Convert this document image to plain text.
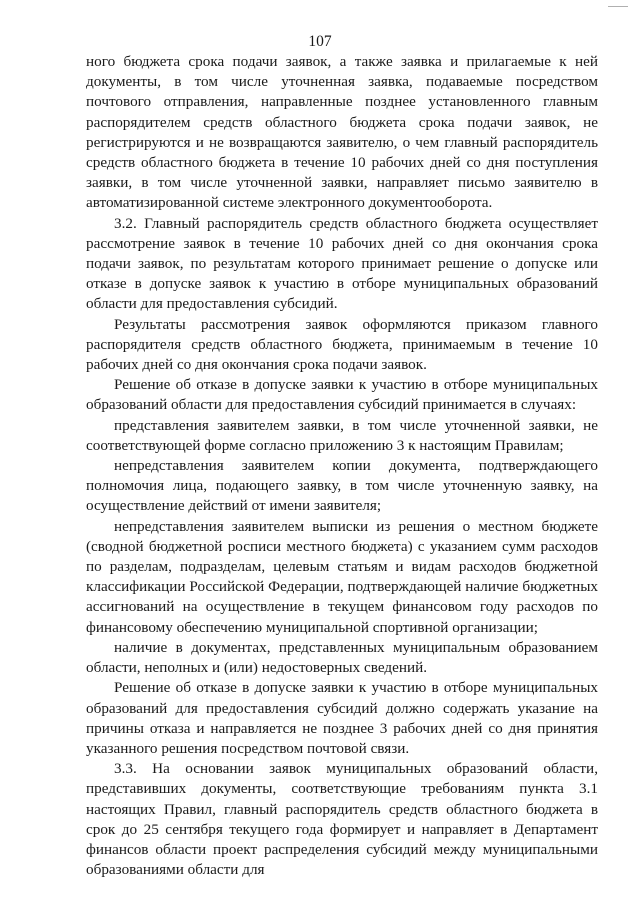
107

ного бюджета срока подачи заявок, а также заявка и прилагаемые к ней документы, в том числе уточненная заявка, подаваемые посредством почтового отправления, направленные позднее установленного главным распорядителем средств областного бюджета срока подачи заявок, не регистрируются и не возвращаются заявителю, о чем главный распорядитель средств областного бюджета в течение 10 рабочих дней со дня поступления заявки, в том числе уточненной заявки, направляет письмо заявителю в автоматизированной системе электронного документооборота.

3.2. Главный распорядитель средств областного бюджета осуществляет рассмотрение заявок в течение 10 рабочих дней со дня окончания срока подачи заявок, по результатам которого принимает решение о допуске или отказе в допуске заявок к участию в отборе муниципальных образований области для предоставления субсидий.

Результаты рассмотрения заявок оформляются приказом главного распорядителя средств областного бюджета, принимаемым в течение 10 рабочих дней со дня окончания срока подачи заявок.

Решение об отказе в допуске заявки к участию в отборе муниципальных образований области для предоставления субсидий принимается в случаях:

представления заявителем заявки, в том числе уточненной заявки, не соответствующей форме согласно приложению 3 к настоящим Правилам;

непредставления заявителем копии документа, подтверждающего полномочия лица, подающего заявку, в том числе уточненную заявку, на осуществление действий от имени заявителя;

непредставления заявителем выписки из решения о местном бюджете (сводной бюджетной росписи местного бюджета) с указанием сумм расходов по разделам, подразделам, целевым статьям и видам расходов бюджетной классификации Российской Федерации, подтверждающей наличие бюджетных ассигнований на осуществление в текущем финансовом году расходов по финансовому обеспечению муниципальной спортивной организации;

наличие в документах, представленных муниципальным образованием области, неполных и (или) недостоверных сведений.

Решение об отказе в допуске заявки к участию в отборе муниципальных образований для предоставления субсидий должно содержать указание на причины отказа и направляется не позднее 3 рабочих дней со дня принятия указанного решения посредством почтовой связи.

3.3. На основании заявок муниципальных образований области, представивших документы, соответствующие требованиям пункта 3.1 настоящих Правил, главный распорядитель средств областного бюджета в срок до 25 сентября текущего года формирует и направляет в Департамент финансов области проект распределения субсидий между муниципальными образованиями области для
